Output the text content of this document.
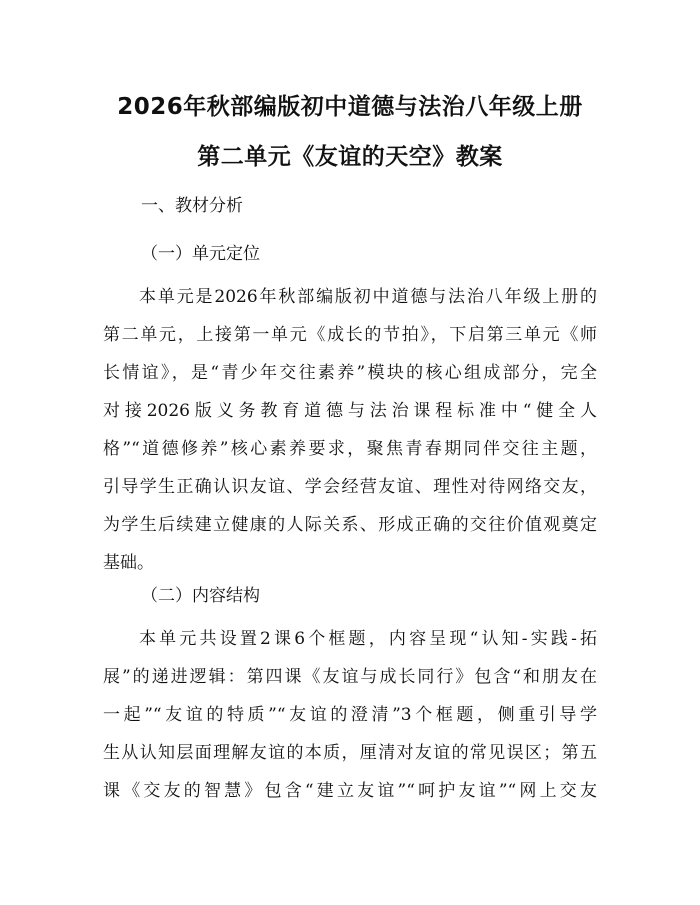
2026年秋部编版初中道德与法治八年级上册
第二单元《友谊的天空》教案
一、教材分析
（一）单元定位
本单元是2026年秋部编版初中道德与法治八年级上册的
第二单元，上接第一单元《成长的节拍》，下启第三单元《师
长情谊》，是“青少年交往素养”模块的核心组成部分，完全
对接2026版义务教育道德与法治课程标准中“健全人
格”“道德修养”核心素养要求，聚焦青春期同伴交往主题，
引导学生正确认识友谊、学会经营友谊、理性对待网络交友，
为学生后续建立健康的人际关系、形成正确的交往价值观奠定
基础。
（二）内容结构
本单元共设置2课6个框题，内容呈现“认知-实践-拓
展”的递进逻辑：第四课《友谊与成长同行》包含“和朋友在
一起”“友谊的特质”“友谊的澄清”3个框题，侧重引导学
生从认知层面理解友谊的本质，厘清对友谊的常见误区；第五
课《交友的智慧》包含“建立友谊”“呵护友谊”“网上交友
